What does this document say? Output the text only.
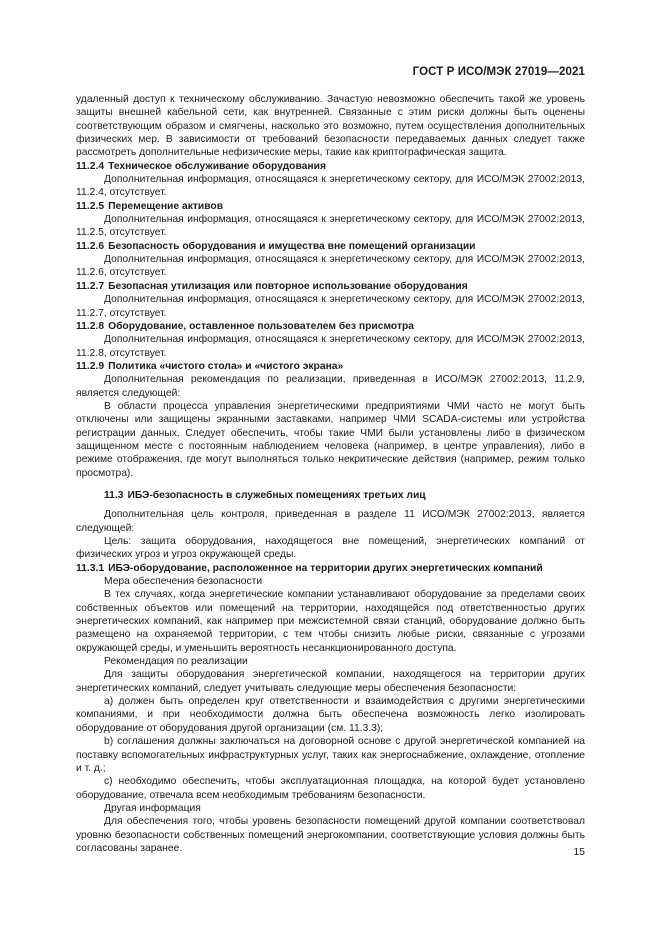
ГОСТ Р ИСО/МЭК 27019—2021

удаленный доступ к техническому обслуживанию. Зачастую невозможно обеспечить такой же уровень защиты внешней кабельной сети, как внутренней. Связанные с этим риски должны быть оценены соответствующим образом и смягчены, насколько это возможно, путем осуществления дополнительных физических мер. В зависимости от требований безопасности передаваемых данных следует также рассмотреть дополнительные нефизические меры, такие как криптографическая защита.

11.2.4 Техническое обслуживание оборудования

Дополнительная информация, относящаяся к энергетическому сектору, для ИСО/МЭК 27002:2013, 11.2.4, отсутствует.

11.2.5 Перемещение активов

Дополнительная информация, относящаяся к энергетическому сектору, для ИСО/МЭК 27002:2013, 11.2.5, отсутствует.

11.2.6 Безопасность оборудования и имущества вне помещений организации

Дополнительная информация, относящаяся к энергетическому сектору, для ИСО/МЭК 27002:2013, 11.2.6, отсутствует.

11.2.7 Безопасная утилизация или повторное использование оборудования

Дополнительная информация, относящаяся к энергетическому сектору, для ИСО/МЭК 27002:2013, 11.2.7, отсутствует.

11.2.8 Оборудование, оставленное пользователем без присмотра

Дополнительная информация, относящаяся к энергетическому сектору, для ИСО/МЭК 27002:2013, 11.2.8, отсутствует.

11.2.9 Политика «чистого стола» и «чистого экрана»

Дополнительная рекомендация по реализации, приведенная в ИСО/МЭК 27002:2013, 11.2.9, является следующей:

В области процесса управления энергетическими предприятиями ЧМИ часто не могут быть отключены или защищены экранными заставками, например ЧМИ SCADA-системы или устройства регистрации данных. Следует обеспечить, чтобы такие ЧМИ были установлены либо в физическом защищенном месте с постоянным наблюдением человека (например, в центре управления), либо в режиме отображения, где могут выполняться только некритические действия (например, режим только просмотра).

11.3 ИБЭ-безопасность в служебных помещениях третьих лиц

Дополнительная цель контроля, приведенная в разделе 11 ИСО/МЭК 27002:2013, является следующей:

Цель: защита оборудования, находящегося вне помещений, энергетических компаний от физических угроз и угроз окружающей среды.

11.3.1 ИБЭ-оборудование, расположенное на территории других энергетических компаний

Мера обеспечения безопасности

В тех случаях, когда энергетические компании устанавливают оборудование за пределами своих собственных объектов или помещений на территории, находящейся под ответственностью других энергетических компаний, как например при межсистемной связи станций, оборудование должно быть размещено на охраняемой территории, с тем чтобы снизить любые риски, связанные с угрозами окружающей среды, и уменьшить вероятность несанкционированного доступа.

Рекомендация по реализации

Для защиты оборудования энергетической компании, находящегося на территории других энергетических компаний, следует учитывать следующие меры обеспечения безопасности:

а) должен быть определен круг ответственности и взаимодействия с другими энергетическими компаниями, и при необходимости должна быть обеспечена возможность легко изолировать оборудование от оборудования другой организации (см. 11.3.3);

b) соглашения должны заключаться на договорной основе с другой энергетической компанией на поставку вспомогательных инфраструктурных услуг, таких как энергоснабжение, охлаждение, отопление и т. д.;

c) необходимо обеспечить, чтобы эксплуатационная площадка, на которой будет установлено оборудование, отвечала всем необходимым требованиям безопасности.

Другая информация

Для обеспечения того, чтобы уровень безопасности помещений другой компании соответствовал уровню безопасности собственных помещений энергокомпании, соответствующие условия должны быть согласованы заранее.	15
